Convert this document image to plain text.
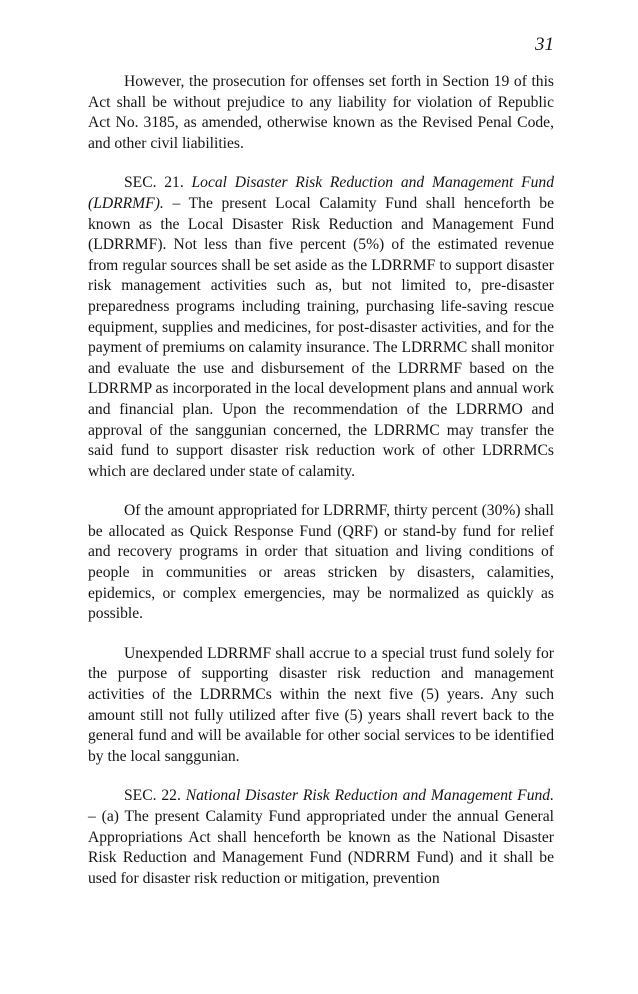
31

However, the prosecution for offenses set forth in Section 19 of this Act shall be without prejudice to any liability for violation of Republic Act No. 3185, as amended, otherwise known as the Revised Penal Code, and other civil liabilities.

SEC. 21. Local Disaster Risk Reduction and Management Fund (LDRRMF). – The present Local Calamity Fund shall henceforth be known as the Local Disaster Risk Reduction and Management Fund (LDRRMF). Not less than five percent (5%) of the estimated revenue from regular sources shall be set aside as the LDRRMF to support disaster risk management activities such as, but not limited to, pre-disaster preparedness programs including training, purchasing life-saving rescue equipment, supplies and medicines, for post-disaster activities, and for the payment of premiums on calamity insurance. The LDRRMC shall monitor and evaluate the use and disbursement of the LDRRMF based on the LDRRMP as incorporated in the local development plans and annual work and financial plan. Upon the recommendation of the LDRRMO and approval of the sanggunian concerned, the LDRRMC may transfer the said fund to support disaster risk reduction work of other LDRRMCs which are declared under state of calamity.

Of the amount appropriated for LDRRMF, thirty percent (30%) shall be allocated as Quick Response Fund (QRF) or stand-by fund for relief and recovery programs in order that situation and living conditions of people in communities or areas stricken by disasters, calamities, epidemics, or complex emergencies, may be normalized as quickly as possible.

Unexpended LDRRMF shall accrue to a special trust fund solely for the purpose of supporting disaster risk reduction and management activities of the LDRRMCs within the next five (5) years. Any such amount still not fully utilized after five (5) years shall revert back to the general fund and will be available for other social services to be identified by the local sanggunian.

SEC. 22. National Disaster Risk Reduction and Management Fund. – (a) The present Calamity Fund appropriated under the annual General Appropriations Act shall henceforth be known as the National Disaster Risk Reduction and Management Fund (NDRRM Fund) and it shall be used for disaster risk reduction or mitigation, prevention
